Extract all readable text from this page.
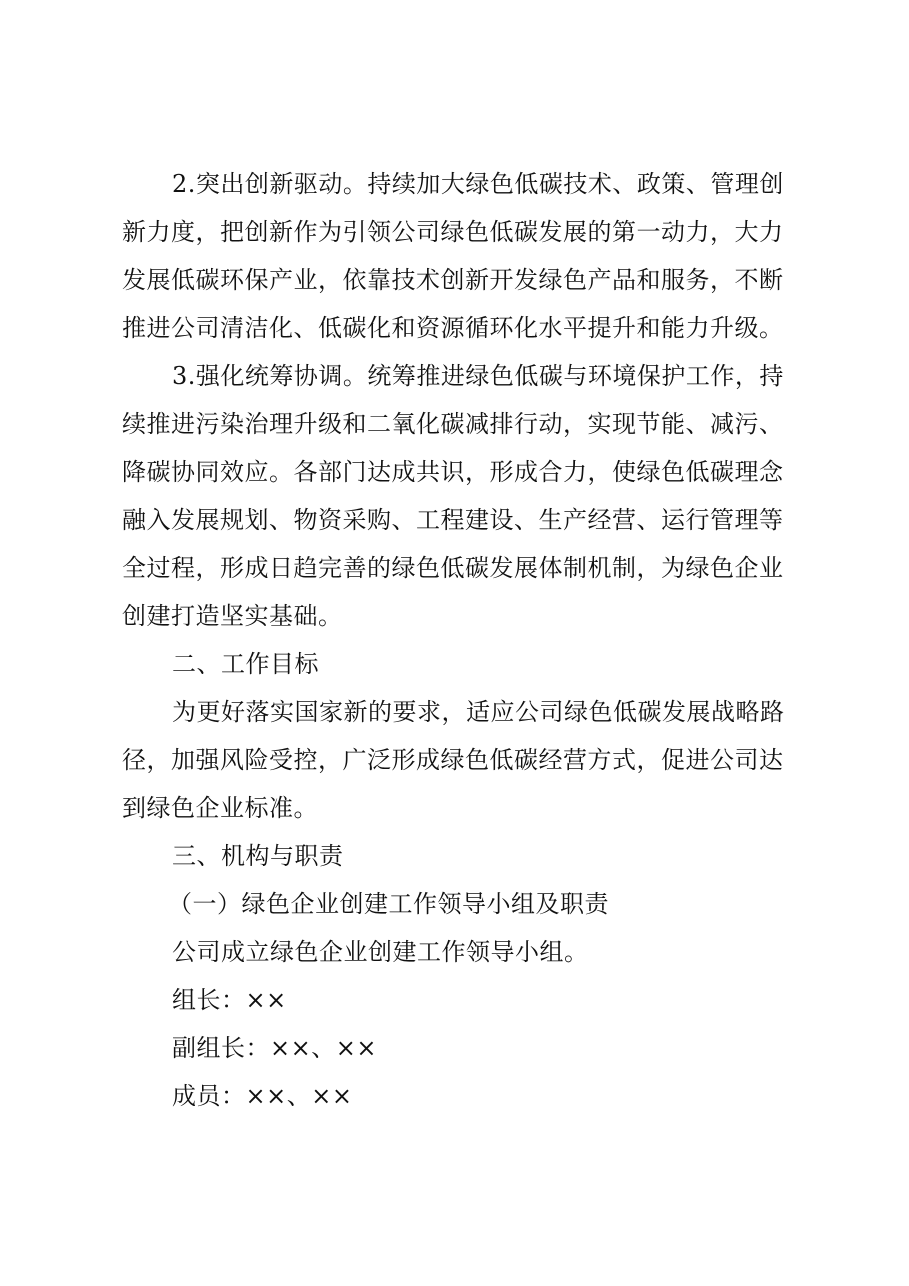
2.突出创新驱动。持续加大绿色低碳技术、政策、管理创
新力度，把创新作为引领公司绿色低碳发展的第一动力，大力
发展低碳环保产业，依靠技术创新开发绿色产品和服务，不断
推进公司清洁化、低碳化和资源循环化水平提升和能力升级。
3.强化统筹协调。统筹推进绿色低碳与环境保护工作，持
续推进污染治理升级和二氧化碳减排行动，实现节能、减污、
降碳协同效应。各部门达成共识，形成合力，使绿色低碳理念
融入发展规划、物资采购、工程建设、生产经营、运行管理等
全过程，形成日趋完善的绿色低碳发展体制机制，为绿色企业
创建打造坚实基础。
二、工作目标
为更好落实国家新的要求，适应公司绿色低碳发展战略路
径，加强风险受控，广泛形成绿色低碳经营方式，促进公司达
到绿色企业标准。
三、机构与职责
（一）绿色企业创建工作领导小组及职责
公司成立绿色企业创建工作领导小组。
组长：××
副组长：××、××
成员：××、××
